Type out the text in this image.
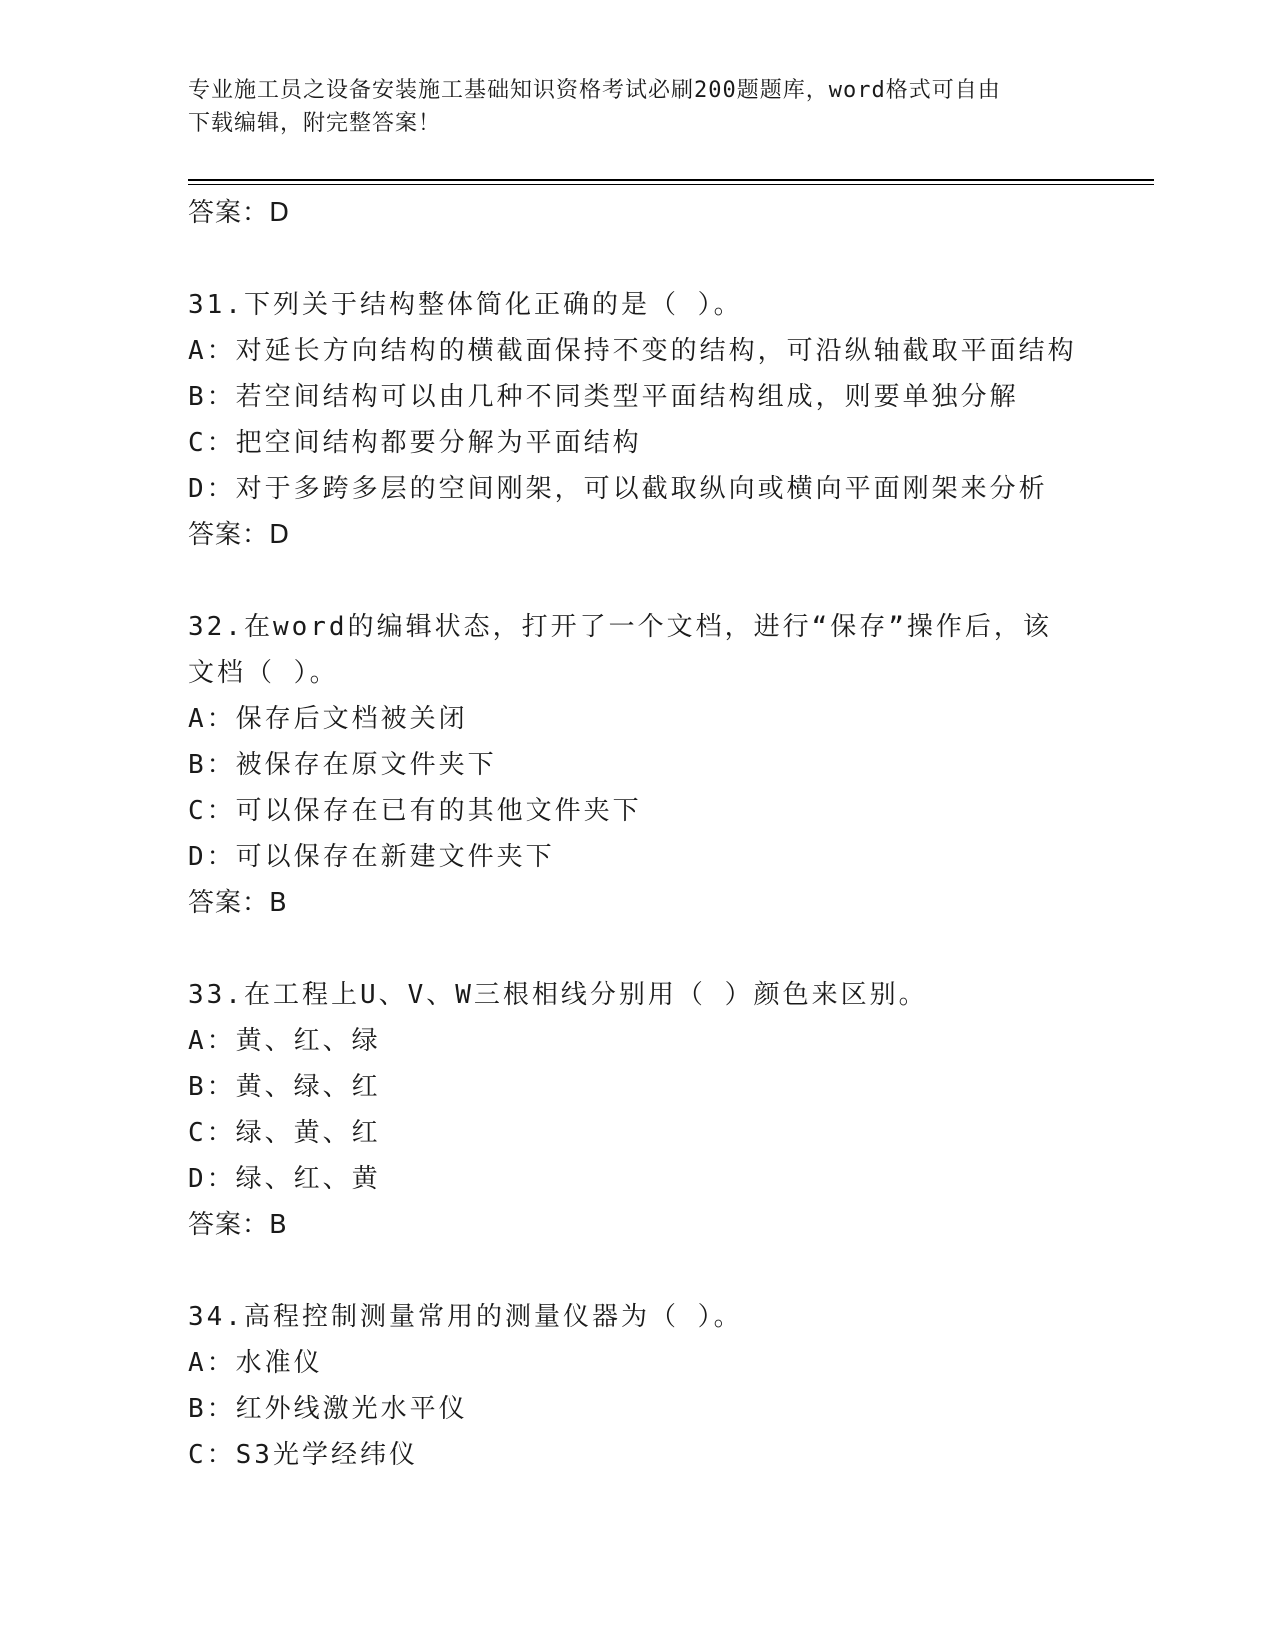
专业施工员之设备安装施工基础知识资格考试必刷200题题库，word格式可自由
下载编辑，附完整答案！
答案：D
31.下列关于结构整体简化正确的是（ ）。
A：对延长方向结构的横截面保持不变的结构，可沿纵轴截取平面结构
B：若空间结构可以由几种不同类型平面结构组成，则要单独分解
C：把空间结构都要分解为平面结构
D：对于多跨多层的空间刚架，可以截取纵向或横向平面刚架来分析
答案：D
32.在word的编辑状态，打开了一个文档，进行“保存”操作后，该
文档（ ）。
A：保存后文档被关闭
B：被保存在原文件夹下
C：可以保存在已有的其他文件夹下
D：可以保存在新建文件夹下
答案：B
33.在工程上U、V、W三根相线分别用（ ）颜色来区别。
A：黄、红、绿
B：黄、绿、红
C：绿、黄、红
D：绿、红、黄
答案：B
34.高程控制测量常用的测量仪器为（ ）。
A：水准仪
B：红外线激光水平仪
C：S3光学经纬仪
